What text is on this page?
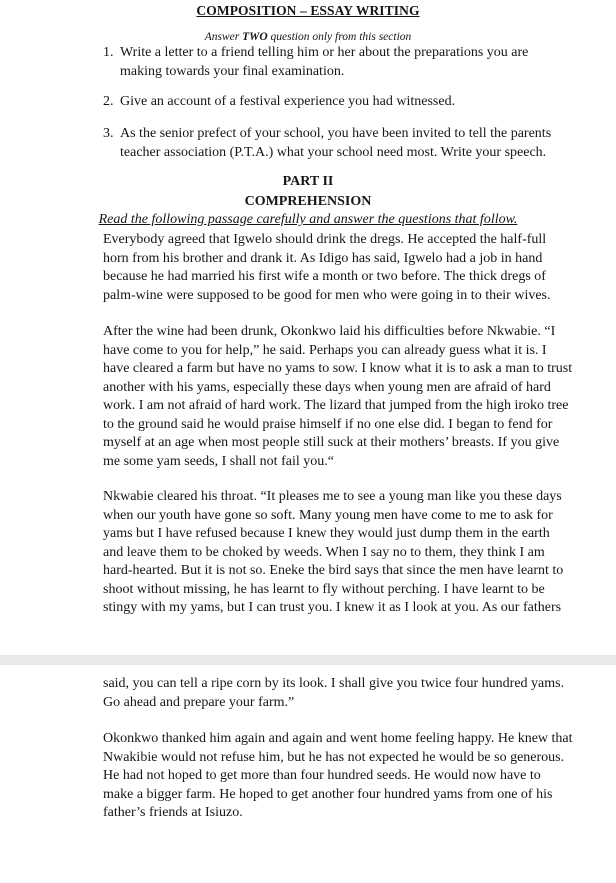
COMPOSITION – ESSAY WRITING
Answer TWO question only from this section
1. Write a letter to a friend telling him or her about the preparations you are making towards your final examination.
2. Give an account of a festival experience you had witnessed.
3. As the senior prefect of your school, you have been invited to tell the parents teacher association (P.T.A.) what your school need most. Write your speech.
PART II
COMPREHENSION
Read the following passage carefully and answer the questions that follow.

Everybody agreed that Igwelo should drink the dregs. He accepted the half-full horn from his brother and drank it. As Idigo has said, Igwelo had a job in hand because he had married his first wife a month or two before. The thick dregs of palm-wine were supposed to be good for men who were going in to their wives.

After the wine had been drunk, Okonkwo laid his difficulties before Nkwabie. “I have come to you for help,” he said. Perhaps you can already guess what it is. I have cleared a farm but have no yams to sow. I know what it is to ask a man to trust another with his yams, especially these days when young men are afraid of hard work. I am not afraid of hard work. The lizard that jumped from the high iroko tree to the ground said he would praise himself if no one else did. I began to fend for myself at an age when most people still suck at their mothers’ breasts. If you give me some yam seeds, I shall not fail you.“

Nkwabie cleared his throat. “It pleases me to see a young man like you these days when our youth have gone so soft. Many young men have come to me to ask for yams but I have refused because I knew they would just dump them in the earth and leave them to be choked by weeds. When I say no to them, they think I am hard-hearted. But it is not so. Eneke the bird says that since the men have learnt to shoot without missing, he has learnt to fly without perching. I have learnt to be stingy with my yams, but I can trust you. I knew it as I look at you. As our fathers

said, you can tell a ripe corn by its look. I shall give you twice four hundred yams. Go ahead and prepare your farm.”

Okonkwo thanked him again and again and went home feeling happy. He knew that Nwakibie would not refuse him, but he has not expected he would be so generous. He had not hoped to get more than four hundred seeds. He would now have to make a bigger farm. He hoped to get another four hundred yams from one of his father’s friends at Isiuzo.
